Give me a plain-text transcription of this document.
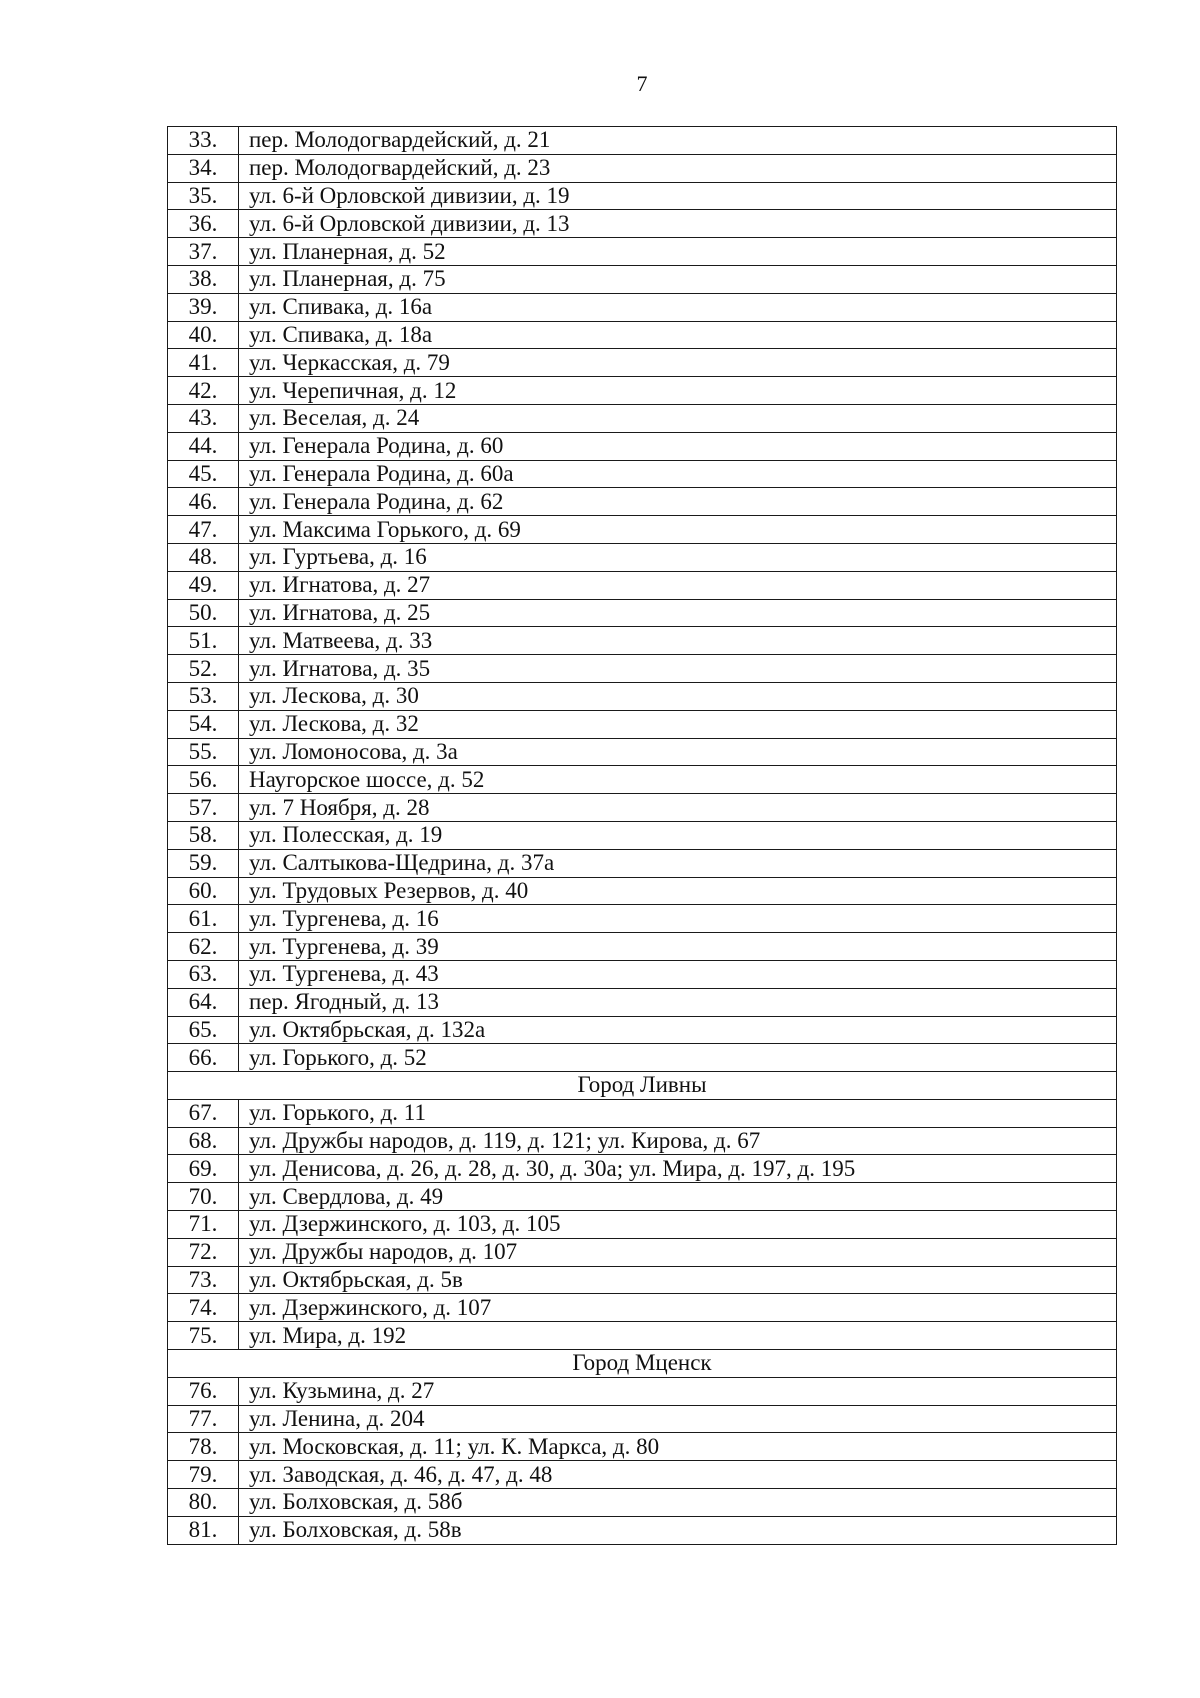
7
33.	пер. Молодогвардейский, д. 21
34.	пер. Молодогвардейский, д. 23
35.	ул. 6-й Орловской дивизии, д. 19
36.	ул. 6-й Орловской дивизии, д. 13
37.	ул. Планерная, д. 52
38.	ул. Планерная, д. 75
39.	ул. Спивака, д. 16а
40.	ул. Спивака, д. 18а
41.	ул. Черкасская, д. 79
42.	ул. Черепичная, д. 12
43.	ул. Веселая, д. 24
44.	ул. Генерала Родина, д. 60
45.	ул. Генерала Родина, д. 60а
46.	ул. Генерала Родина, д. 62
47.	ул. Максима Горького, д. 69
48.	ул. Гуртьева, д. 16
49.	ул. Игнатова, д. 27
50.	ул. Игнатова, д. 25
51.	ул. Матвеева, д. 33
52.	ул. Игнатова, д. 35
53.	ул. Лескова, д. 30
54.	ул. Лескова, д. 32
55.	ул. Ломоносова, д. 3а
56.	Наугорское шоссе, д. 52
57.	ул. 7 Ноября, д. 28
58.	ул. Полесская, д. 19
59.	ул. Салтыкова-Щедрина, д. 37а
60.	ул. Трудовых Резервов, д. 40
61.	ул. Тургенева, д. 16
62.	ул. Тургенева, д. 39
63.	ул. Тургенева, д. 43
64.	пер. Ягодный, д. 13
65.	ул. Октябрьская, д. 132а
66.	ул. Горького, д. 52
Город Ливны	
67.	ул. Горького, д. 11
68.	ул. Дружбы народов, д. 119, д. 121; ул. Кирова, д. 67
69.	ул. Денисова, д. 26, д. 28, д. 30, д. 30а; ул. Мира, д. 197, д. 195
70.	ул. Свердлова, д. 49
71.	ул. Дзержинского, д. 103, д. 105
72.	ул. Дружбы народов, д. 107
73.	ул. Октябрьская, д. 5в
74.	ул. Дзержинского, д. 107
75.	ул. Мира, д. 192
Город Мценск	
76.	ул. Кузьмина, д. 27
77.	ул. Ленина, д. 204
78.	ул. Московская, д. 11; ул. К. Маркса, д. 80
79.	ул. Заводская, д. 46, д. 47, д. 48
80.	ул. Болховская, д. 58б
81.	ул. Болховская, д. 58в
